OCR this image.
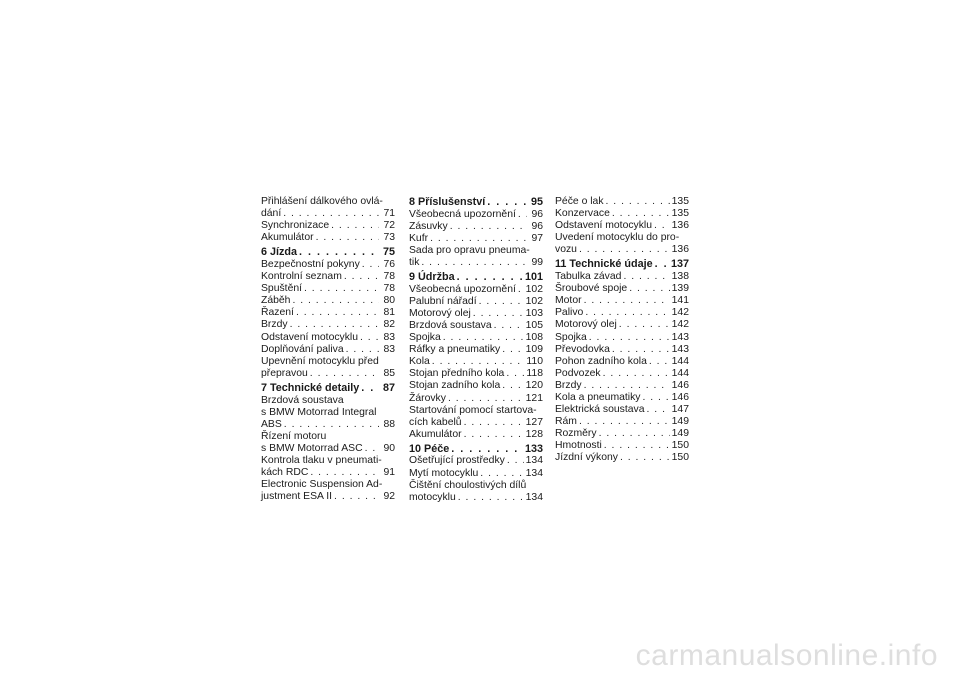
Přihlášení dálkového ovlá-
dání . . .	71
Synchronizace . . .	72
Akumulátor . . .	73
6 Jízda . . .	75
Bezpečnostní pokyny . . . 76
Kontrolní seznam . . .	78
Spuštění . . .	78
Záběh . . .	80
Řazení . . .	81
Brzdy . . .	82
Odstavení motocyklu . . . 83
Doplňování paliva . . .	83
Upevnění motocyklu před
přepravou . . .	85
7 Technické detaily . . . 87
Brzdová soustava
s BMW Motorrad Integral
ABS . . .	88
Řízení motoru
s BMW Motorrad ASC . . . 90
Kontrola tlaku v pneumati-
kách RDC . . .	91
Electronic Suspension Ad-
justment ESA II . . .	92
8 Příslušenství . . .	95
Všeobecná upozornění . . . 96
Zásuvky . . .	96
Kufr . . .	97
Sada pro opravu pneuma-
tik . . .	99
9 Údržba . . .	101
Všeobecná upozornění . . . 102
Palubní nářadí . . .	102
Motorový olej . . .	103
Brzdová soustava . . .	105
Spojka . . .	108
Ráfky a pneumatiky . . . 109
Kola . . .	110
Stojan předního kola . . . 118
Stojan zadního kola . . . 120
Žárovky . . .	121
Startování pomocí startova-
cích kabelů . . .	127
Akumulátor . . .	128
10 Péče . . .	133
Ošetřující prostředky . . . 134
Mytí motocyklu . . .	134
Čištění choulostivých dílů
motocyklu . . .	134
Péče o lak . . .	135
Konzervace . . .	135
Odstavení motocyklu . . . 136
Uvedení motocyklu do pro-
vozu . . .	136
11 Technické údaje . . . 137
Tabulka závad . . .	138
Šroubové spoje . . .	139
Motor . . .	141
Palivo . . .	142
Motorový olej . . .	142
Spojka . . .	143
Převodovka . . .	143
Pohon zadního kola . . . 144
Podvozek . . .	144
Brzdy . . .	146
Kola a pneumatiky . . .	146
Elektrická soustava . . .	147
Rám . . .	149
Rozměry . . .	149
Hmotnosti . . .	150
Jízdní výkony . . .	150
carmanualsonline.info
